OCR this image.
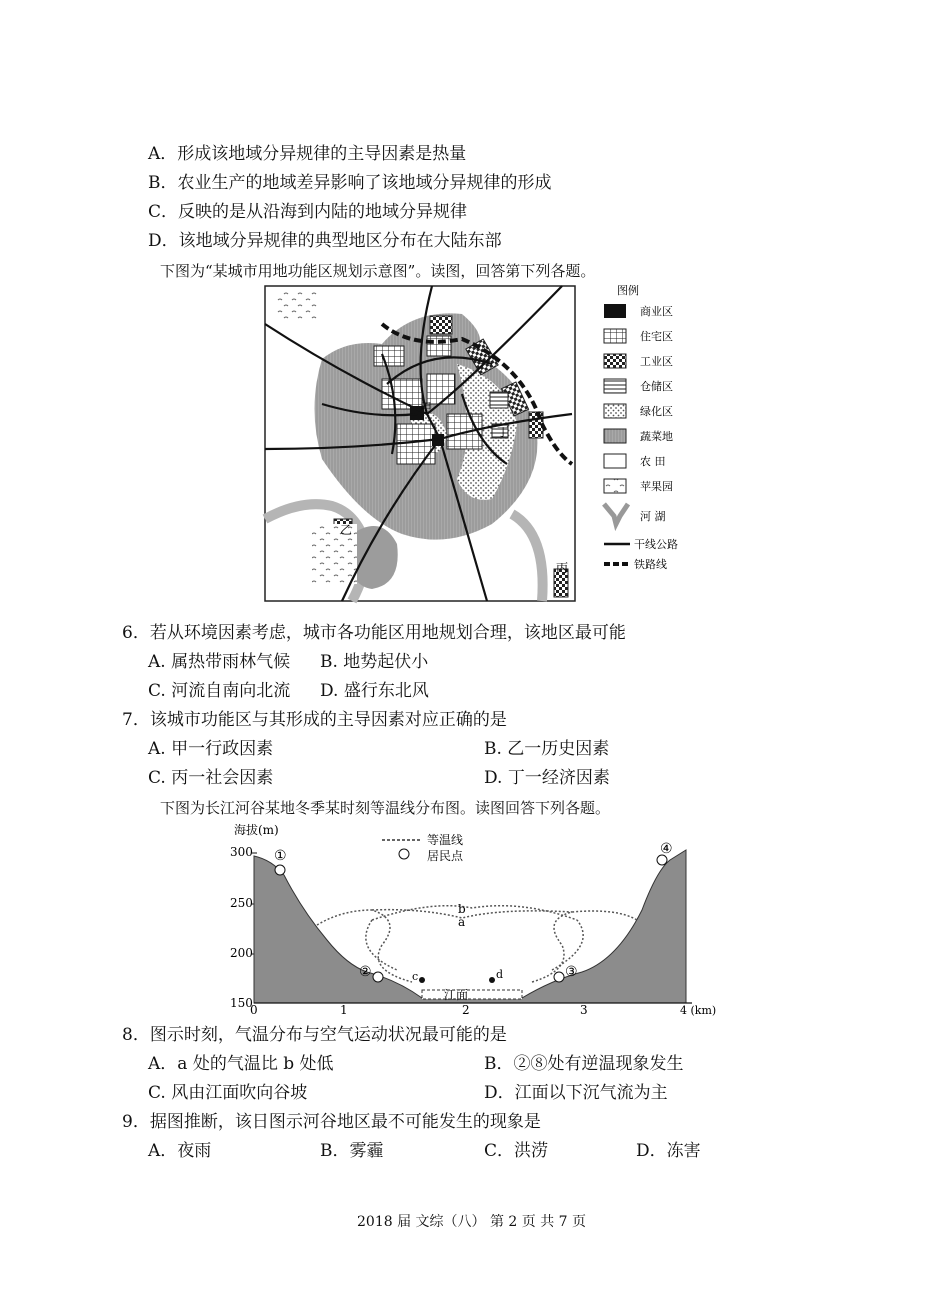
A．形成该地域分异规律的主导因素是热量
B．农业生产的地域差异影响了该地域分异规律的形成
C．反映的是从沿海到内陆的地域分异规律
D．该地域分异规律的典型地区分布在大陆东部
下图为“某城市用地功能区规划示意图”。读图，回答第下列各题。
甲
乙
丙
丁
图例
商业区
住宅区
工业区
仓储区
绿化区
蔬菜地
农 田
苹果园
河 湖
干线公路
铁路线
6．若从环境因素考虑，城市各功能区用地规划合理，该地区最可能
A. 属热带雨林气候 B. 地势起伏小
C. 河流自南向北流 D. 盛行东北风
7．该城市功能区与其形成的主导因素对应正确的是
A. 甲一行政因素	B. 乙一历史因素
C. 丙一社会因素	D. 丁一经济因素
下图为长江河谷某地冬季某时刻等温线分布图。读图回答下列各题。
海拔(m)
300
250
200
150
0	1	2	3	4 (km)
b
a
c	d
江面
①
②	③
④
等温线
居民点
8．图示时刻，气温分布与空气运动状况最可能的是
A．a 处的气温比 b 处低	B．②⑧处有逆温现象发生
C. 风由江面吹向谷坡	D．江面以下沉气流为主
9．据图推断，该日图示河谷地区最不可能发生的现象是
A．夜雨	B．雾霾	C．洪涝	D．冻害
2018 届 文综（八） 第 2 页 共 7 页
